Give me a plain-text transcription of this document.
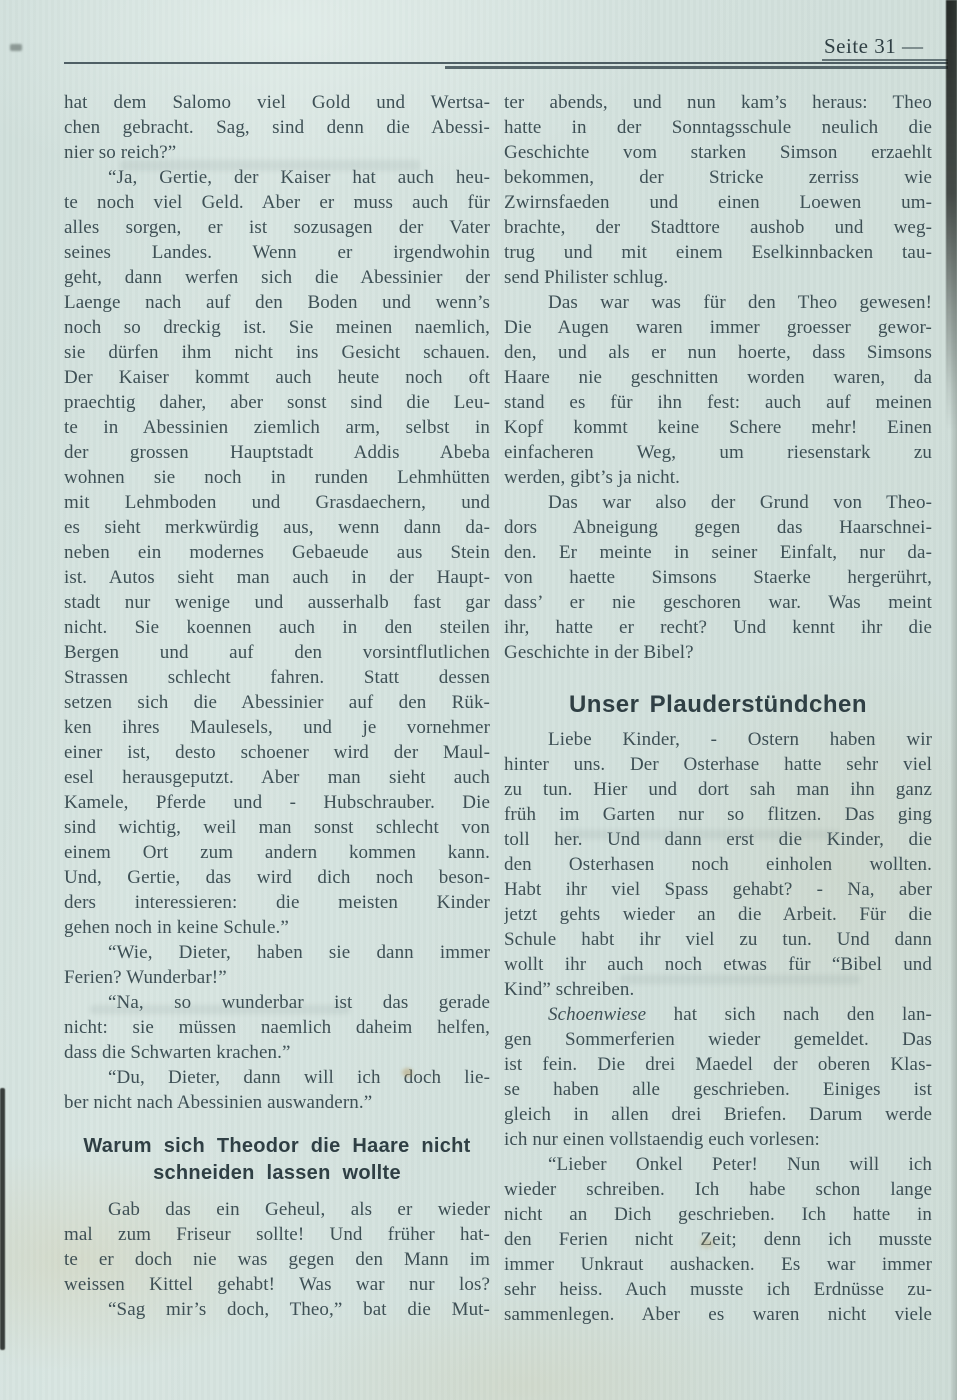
Seite 31 —
hat dem Salomo viel Gold und Wertsa-
chen gebracht. Sag, sind denn die Abessi-
nier so reich?”
“Ja, Gertie, der Kaiser hat auch heu-
te noch viel Geld. Aber er muss auch für
alles sorgen, er ist sozusagen der Vater
seines Landes. Wenn er irgendwohin
geht, dann werfen sich die Abessinier der
Laenge nach auf den Boden und wenn’s
noch so dreckig ist. Sie meinen naemlich,
sie dürfen ihm nicht ins Gesicht schauen.
Der Kaiser kommt auch heute noch oft
praechtig daher, aber sonst sind die Leu-
te in Abessinien ziemlich arm, selbst in
der grossen Hauptstadt Addis Abeba
wohnen sie noch in runden Lehmhütten
mit Lehmboden und Grasdaechern, und
es sieht merkwürdig aus, wenn dann da-
neben ein modernes Gebaeude aus Stein
ist. Autos sieht man auch in der Haupt-
stadt nur wenige und ausserhalb fast gar
nicht. Sie koennen auch in den steilen
Bergen und auf den vorsintflutlichen
Strassen schlecht fahren. Statt dessen
setzen sich die Abessinier auf den Rük-
ken ihres Maulesels, und je vornehmer
einer ist, desto schoener wird der Maul-
esel herausgeputzt. Aber man sieht auch
Kamele, Pferde und - Hubschrauber. Die
sind wichtig, weil man sonst schlecht von
einem Ort zum andern kommen kann.
Und, Gertie, das wird dich noch beson-
ders interessieren: die meisten Kinder
gehen noch in keine Schule.”
“Wie, Dieter, haben sie dann immer
Ferien? Wunderbar!”
“Na, so wunderbar ist das gerade
nicht: sie müssen naemlich daheim helfen,
dass die Schwarten krachen.”
“Du, Dieter, dann will ich doch lie-
ber nicht nach Abessinien auswandern.”
Warum sich Theodor die Haare nicht
schneiden lassen wollte
Gab das ein Geheul, als er wieder
mal zum Friseur sollte! Und früher hat-
te er doch nie was gegen den Mann im
weissen Kittel gehabt! Was war nur los?
“Sag mir’s doch, Theo,” bat die Mut-
ter abends, und nun kam’s heraus: Theo
hatte in der Sonntagsschule neulich die
Geschichte vom starken Simson erzaehlt
bekommen, der Stricke zerriss wie
Zwirnsfaeden und einen Loewen um-
brachte, der Stadttore aushob und weg-
trug und mit einem Eselkinnbacken tau-
send Philister schlug.
Das war was für den Theo gewesen!
Die Augen waren immer groesser gewor-
den, und als er nun hoerte, dass Simsons
Haare nie geschnitten worden waren, da
stand es für ihn fest: auch auf meinen
Kopf kommt keine Schere mehr! Einen
einfacheren Weg, um riesenstark zu
werden, gibt’s ja nicht.
Das war also der Grund von Theo-
dors Abneigung gegen das Haarschnei-
den. Er meinte in seiner Einfalt, nur da-
von haette Simsons Staerke hergerührt,
dass’ er nie geschoren war. Was meint
ihr, hatte er recht? Und kennt ihr die
Geschichte in der Bibel?
Unser Plauderstündchen
Liebe Kinder, - Ostern haben wir
hinter uns. Der Osterhase hatte sehr viel
zu tun. Hier und dort sah man ihn ganz
früh im Garten nur so flitzen. Das ging
toll her. Und dann erst die Kinder, die
den Osterhasen noch einholen wollten.
Habt ihr viel Spass gehabt? - Na, aber
jetzt gehts wieder an die Arbeit. Für die
Schule habt ihr viel zu tun. Und dann
wollt ihr auch noch etwas für “Bibel und
Kind” schreiben.
Schoenwiese hat sich nach den lan-
gen Sommerferien wieder gemeldet. Das
ist fein. Die drei Maedel der oberen Klas-
se haben alle geschrieben. Einiges ist
gleich in allen drei Briefen. Darum werde
ich nur einen vollstaendig euch vorlesen:
“Lieber Onkel Peter! Nun will ich
wieder schreiben. Ich habe schon lange
nicht an Dich geschrieben. Ich hatte in
den Ferien nicht Zeit; denn ich musste
immer Unkraut aushacken. Es war immer
sehr heiss. Auch musste ich Erdnüsse zu-
sammenlegen. Aber es waren nicht viele
